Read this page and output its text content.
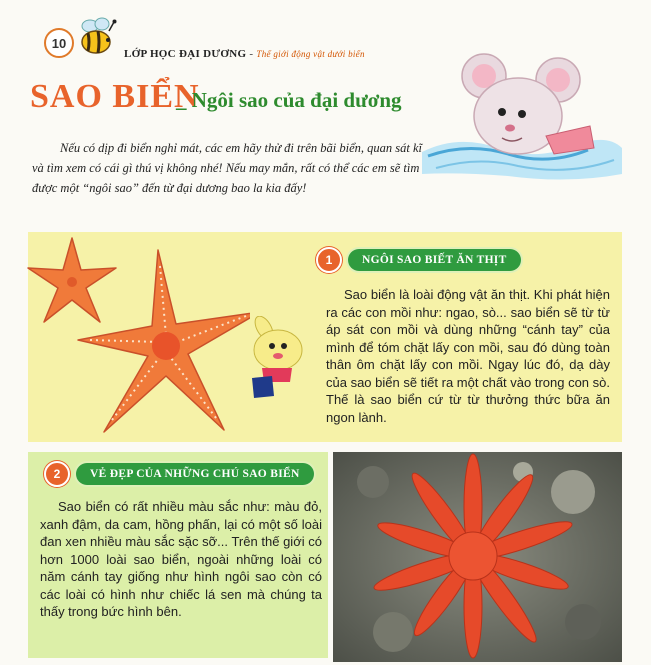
10
LỚP HỌC ĐẠI DƯƠNG - Thế giới động vật dưới biển
SAO BIỂN
_ Ngôi sao của đại dương
Nếu có dịp đi biển nghỉ mát, các em hãy thử đi trên bãi biển, quan sát kĩ và tìm xem có cái gì thú vị không nhé! Nếu may mắn, rất có thể các em sẽ tìm được một “ngôi sao” đến từ đại dương bao la kia đấy!
1	NGÔI SAO BIẾT ĂN THỊT
Sao biển là loài động vật ăn thịt. Khi phát hiện ra các con mồi như: ngao, sò... sao biển sẽ từ từ áp sát con mồi và dùng những “cánh tay” của mình để tóm chặt lấy con mồi, sau đó dùng toàn thân ôm chặt lấy con mồi. Ngay lúc đó, dạ dày của sao biển sẽ tiết ra một chất vào trong con sò. Thế là sao biển cứ từ từ thưởng thức bữa ăn ngon lành.
2	VẺ ĐẸP CỦA NHỮNG CHÚ SAO BIỂN
Sao biển có rất nhiều màu sắc như: màu đỏ, xanh đậm, da cam, hồng phấn, lại có một số loài đan xen nhiều màu sắc sặc sỡ... Trên thế giới có hơn 1000 loài sao biển, ngoài những loài có năm cánh tay giống như hình ngôi sao còn có các loài có hình như chiếc lá sen mà chúng ta thấy trong bức hình bên.
